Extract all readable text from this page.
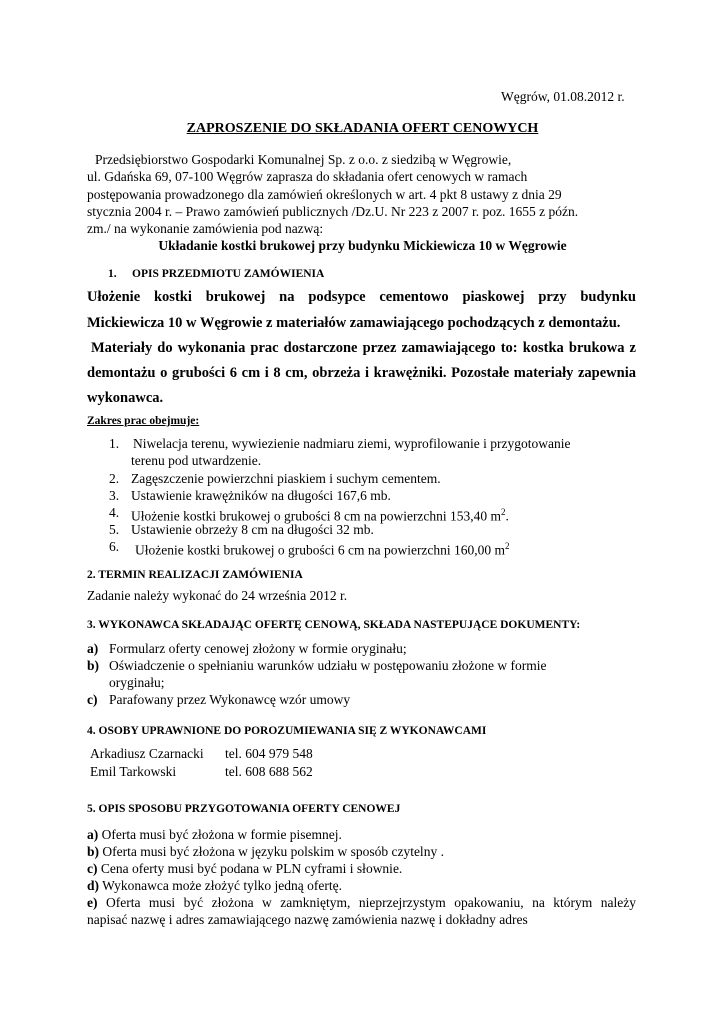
Węgrów, 01.08.2012 r.
ZAPROSZENIE DO SKŁADANIA OFERT CENOWYCH
Przedsiębiorstwo Gospodarki Komunalnej Sp. z o.o. z siedzibą w Węgrowie,
ul. Gdańska 69, 07-100 Węgrów zaprasza do składania ofert cenowych w ramach
postępowania prowadzonego dla zamówień określonych w art. 4 pkt 8 ustawy z dnia 29
stycznia 2004 r. – Prawo zamówień publicznych /Dz.U. Nr 223 z 2007 r. poz. 1655 z późn.
zm./ na wykonanie zamówienia pod nazwą:
Układanie kostki brukowej przy budynku Mickiewicza 10 w Węgrowie
1. OPIS PRZEDMIOTU ZAMÓWIENIA
Ułożenie kostki brukowej na podsypce cementowo piaskowej przy budynku
Mickiewicza 10 w Węgrowie z materiałów zamawiającego pochodzących z demontażu.
Materiały do wykonania prac dostarczone przez zamawiającego to: kostka brukowa z
demontażu o grubości 6 cm i 8 cm, obrzeża i krawężniki. Pozostałe materiały zapewnia
wykonawca.
Zakres prac obejmuje:
1. Niwelacja terenu, wywiezienie nadmiaru ziemi, wyprofilowanie i przygotowanie
terenu pod utwardzenie.
2. Zagęszczenie powierzchni piaskiem i suchym cementem.
3. Ustawienie krawężników na długości 167,6 mb.
4. Ułożenie kostki brukowej o grubości 8 cm na powierzchni 153,40 $m^2$.
5. Ustawienie obrzeży 8 cm na długości 32 mb.
6. Ułożenie kostki brukowej o grubości 6 cm na powierzchni 160,00 $m^2$
2. TERMIN REALIZACJI ZAMÓWIENIA
Zadanie należy wykonać do 24 września 2012 r.
3. WYKONAWCA SKŁADAJĄC OFERTĘ CENOWĄ, SKŁADA NASTEPUJĄCE DOKUMENTY:
a) Formularz oferty cenowej złożony w formie oryginału;
b) Oświadczenie o spełnianiu warunków udziału w postępowaniu złożone w formie
oryginału;
c) Parafowany przez Wykonawcę wzór umowy
4. OSOBY UPRAWNIONE DO POROZUMIEWANIA SIĘ Z WYKONAWCAMI
Arkadiusz Czarnacki tel. 604 979 548
Emil Tarkowski	tel. 608 688 562
5. OPIS SPOSOBU PRZYGOTOWANIA OFERTY CENOWEJ
a) Oferta musi być złożona w formie pisemnej.
b) Oferta musi być złożona w języku polskim w sposób czytelny .
c) Cena oferty musi być podana w PLN cyframi i słownie.
d) Wykonawca może złożyć tylko jedną ofertę.
e) Oferta musi być złożona w zamkniętym, nieprzejrzystym opakowaniu, na którym należy
napisać nazwę i adres zamawiającego nazwę zamówienia nazwę i dokładny adres
